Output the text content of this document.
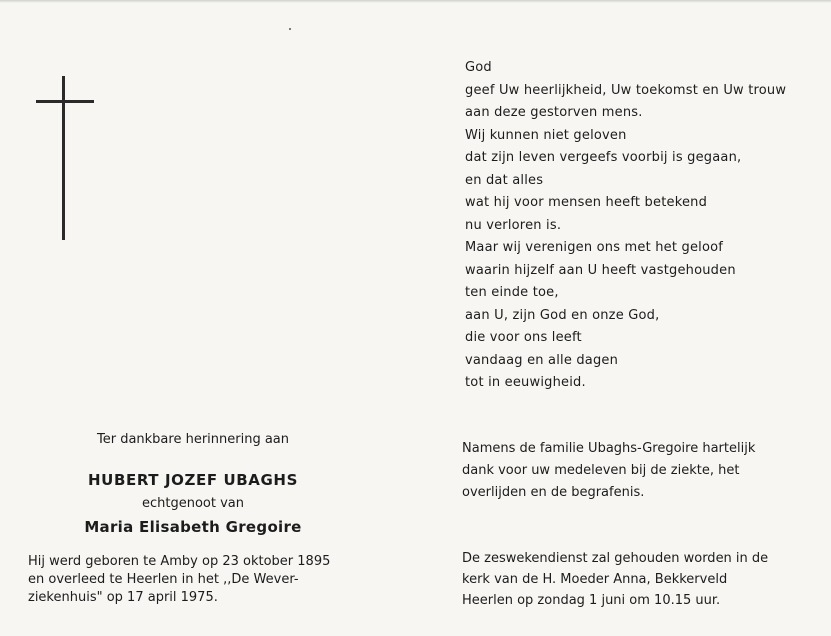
God
geef Uw heerlijkheid, Uw toekomst en Uw trouw
aan deze gestorven mens.
Wij kunnen niet geloven
dat zijn leven vergeefs voorbij is gegaan,
en dat alles
wat hij voor mensen heeft betekend
nu verloren is.
Maar wij verenigen ons met het geloof
waarin hijzelf aan U heeft vastgehouden
ten einde toe,
aan U, zijn God en onze God,
die voor ons leeft
vandaag en alle dagen
tot in eeuwigheid.
Ter dankbare herinnering aan
HUBERT JOZEF UBAGHS
echtgenoot van
Maria Elisabeth Gregoire
Hij werd geboren te Amby op 23 oktober 1895
en overleed te Heerlen in het ,,De Wever-
ziekenhuis" op 17 april 1975.
Namens de familie Ubaghs-Gregoire hartelijk
dank voor uw medeleven bij de ziekte, het
overlijden en de begrafenis.
De zeswekendienst zal gehouden worden in de
kerk van de H. Moeder Anna, Bekkerveld
Heerlen op zondag 1 juni om 10.15 uur.
